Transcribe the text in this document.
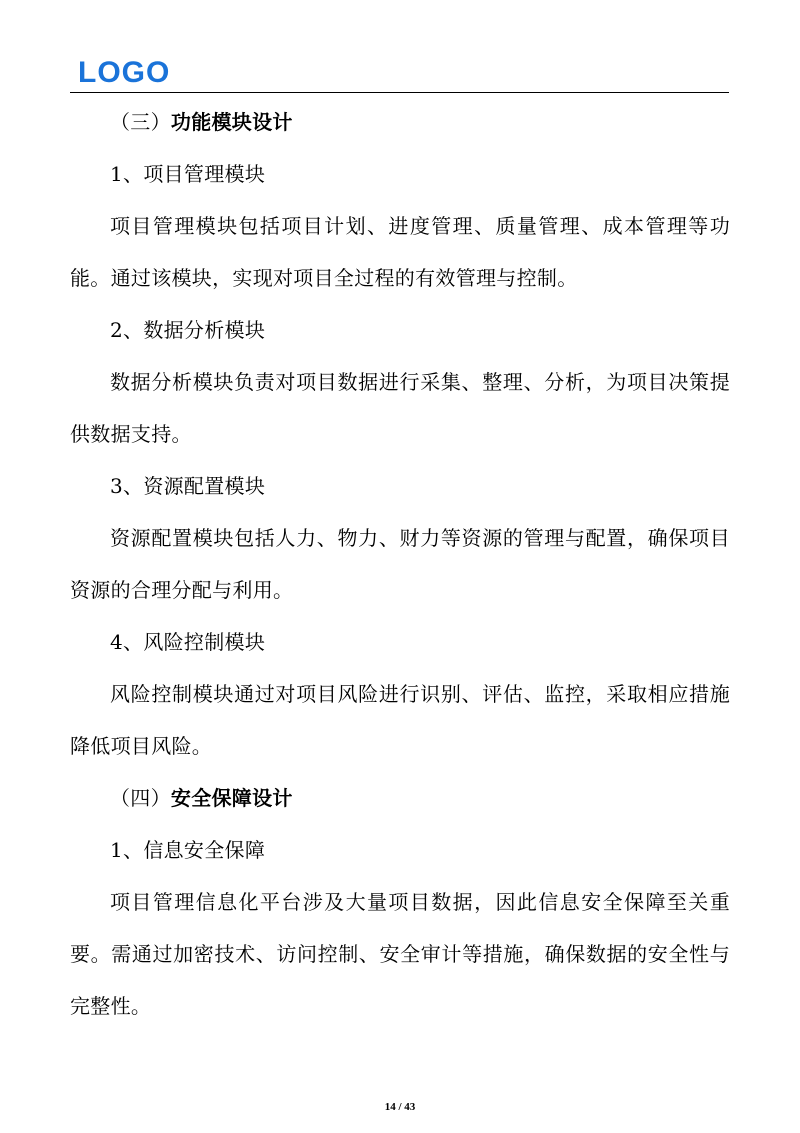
LOGO
（三）功能模块设计

1、项目管理模块

项目管理模块包括项目计划、进度管理、质量管理、成本管理等功能。通过该模块，实现对项目全过程的有效管理与控制。

2、数据分析模块

数据分析模块负责对项目数据进行采集、整理、分析，为项目决策提供数据支持。

3、资源配置模块

资源配置模块包括人力、物力、财力等资源的管理与配置，确保项目资源的合理分配与利用。

4、风险控制模块

风险控制模块通过对项目风险进行识别、评估、监控，采取相应措施降低项目风险。

（四）安全保障设计

1、信息安全保障

项目管理信息化平台涉及大量项目数据，因此信息安全保障至关重要。需通过加密技术、访问控制、安全审计等措施，确保数据的安全性与完整性。

14 / 43
